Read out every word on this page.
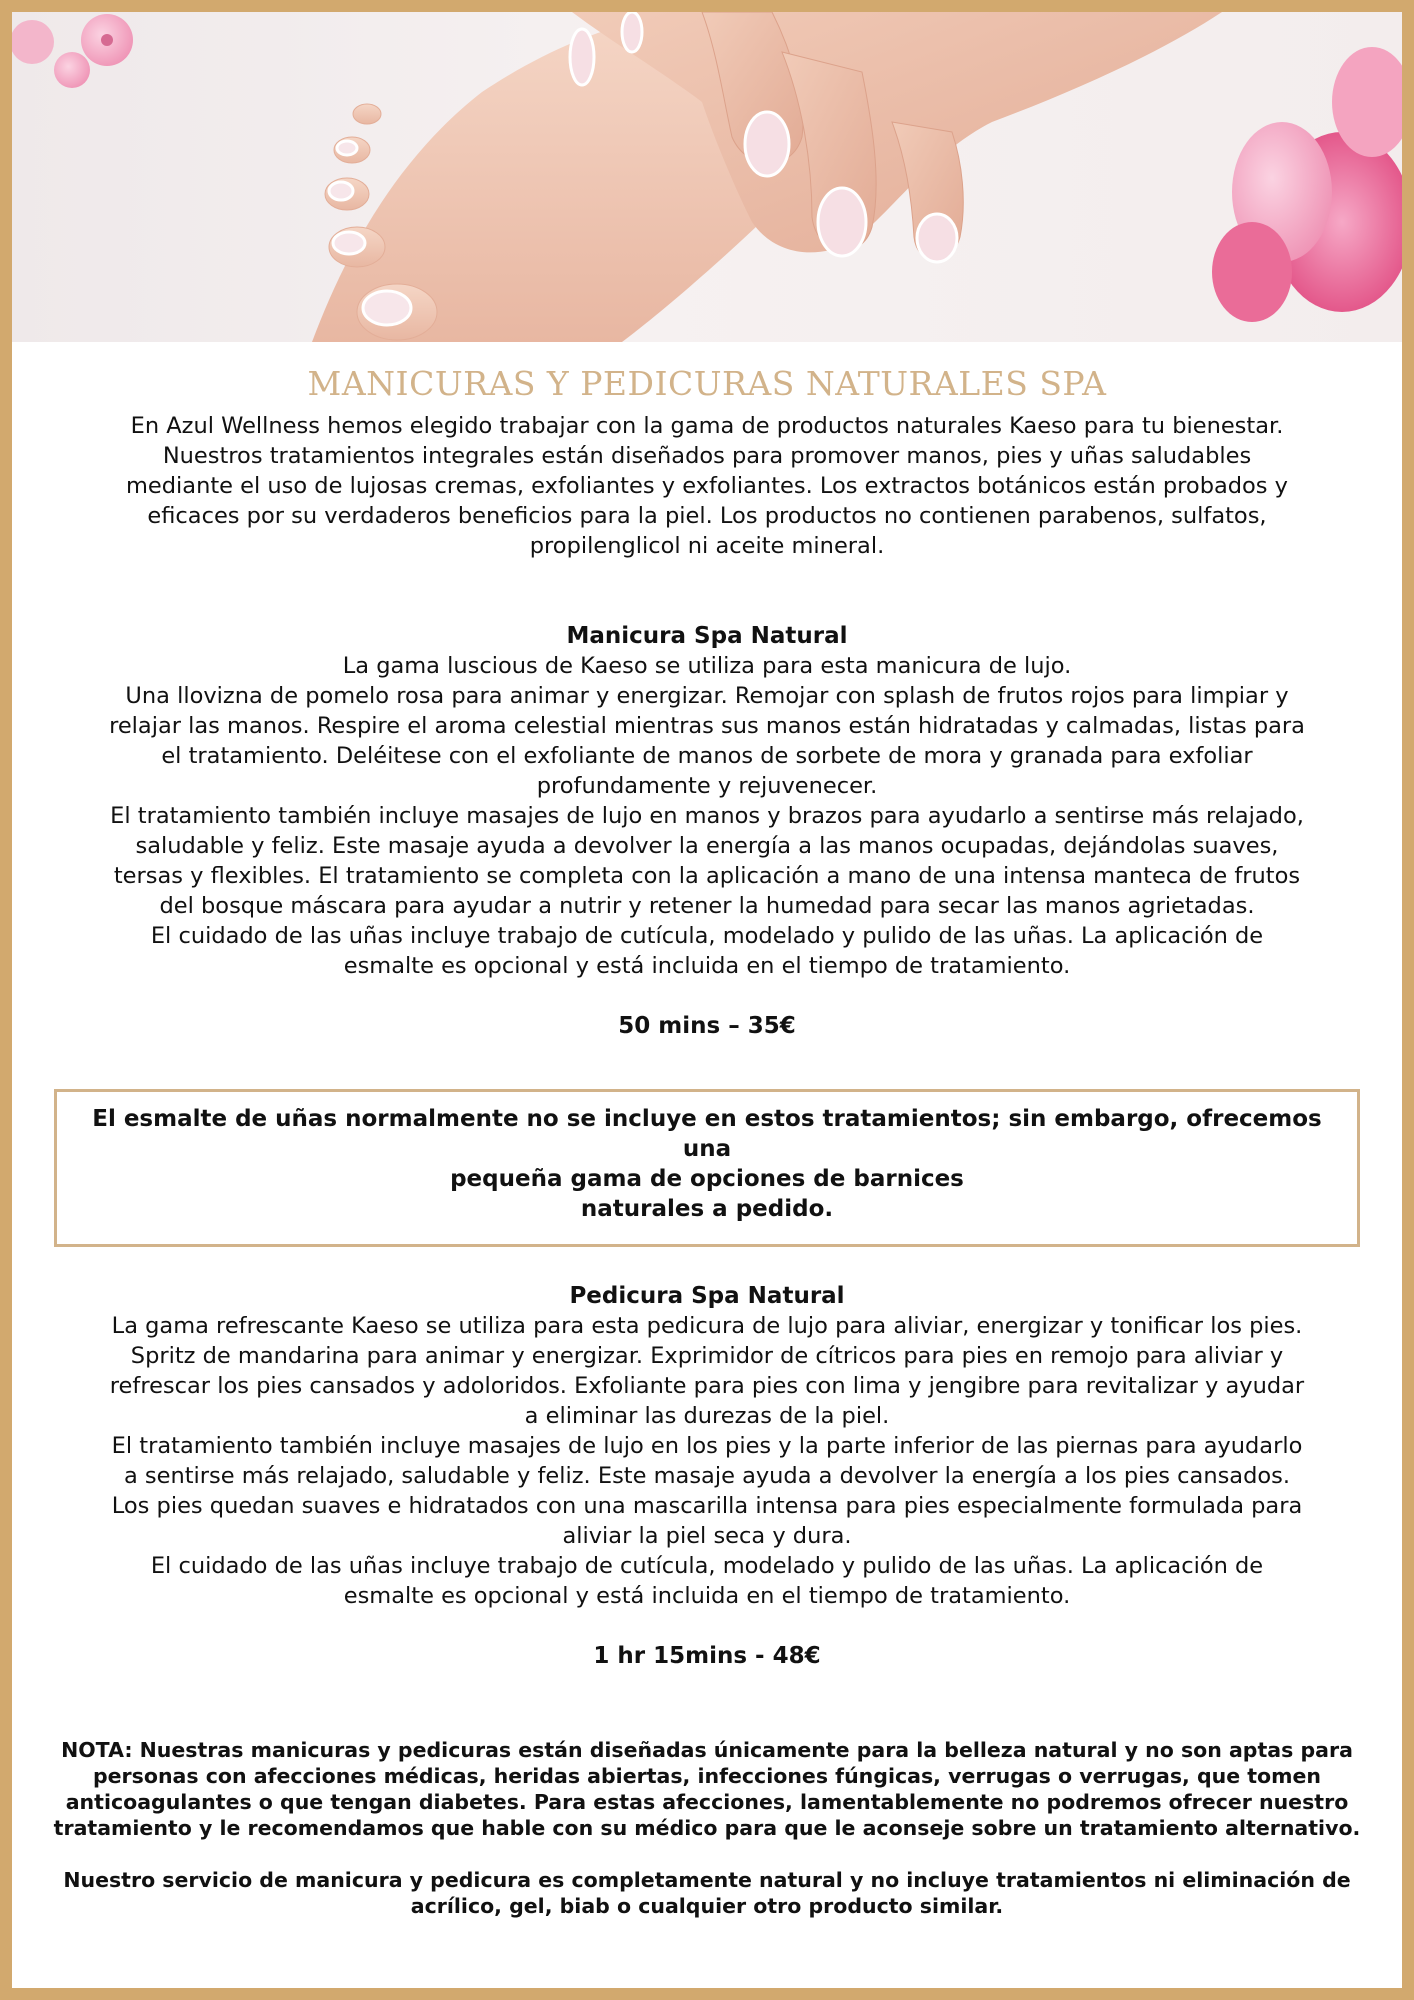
MANICURAS Y PEDICURAS NATURALES SPA

En Azul Wellness hemos elegido trabajar con la gama de productos naturales Kaeso para tu bienestar.
Nuestros tratamientos integrales están diseñados para promover manos, pies y uñas saludables
mediante el uso de lujosas cremas, exfoliantes y exfoliantes. Los extractos botánicos están probados y
eficaces por su verdaderos beneficios para la piel. Los productos no contienen parabenos, sulfatos,
propilenglicol ni aceite mineral.

Manicura Spa Natural

La gama luscious de Kaeso se utiliza para esta manicura de lujo.
Una llovizna de pomelo rosa para animar y energizar. Remojar con splash de frutos rojos para limpiar y
relajar las manos. Respire el aroma celestial mientras sus manos están hidratadas y calmadas, listas para
el tratamiento. Deléitese con el exfoliante de manos de sorbete de mora y granada para exfoliar
profundamente y rejuvenecer.
El tratamiento también incluye masajes de lujo en manos y brazos para ayudarlo a sentirse más relajado,
saludable y feliz. Este masaje ayuda a devolver la energía a las manos ocupadas, dejándolas suaves,
tersas y flexibles. El tratamiento se completa con la aplicación a mano de una intensa manteca de frutos
del bosque máscara para ayudar a nutrir y retener la humedad para secar las manos agrietadas.
El cuidado de las uñas incluye trabajo de cutícula, modelado y pulido de las uñas. La aplicación de
esmalte es opcional y está incluida en el tiempo de tratamiento.

50 mins – 35€

El esmalte de uñas normalmente no se incluye en estos tratamientos; sin embargo, ofrecemos una
pequeña gama de opciones de barnices
naturales a pedido.
Pedicura Spa Natural

La gama refrescante Kaeso se utiliza para esta pedicura de lujo para aliviar, energizar y tonificar los pies.
Spritz de mandarina para animar y energizar. Exprimidor de cítricos para pies en remojo para aliviar y
refrescar los pies cansados y adoloridos. Exfoliante para pies con lima y jengibre para revitalizar y ayudar
a eliminar las durezas de la piel.
El tratamiento también incluye masajes de lujo en los pies y la parte inferior de las piernas para ayudarlo
a sentirse más relajado, saludable y feliz. Este masaje ayuda a devolver la energía a los pies cansados.
Los pies quedan suaves e hidratados con una mascarilla intensa para pies especialmente formulada para
aliviar la piel seca y dura.
El cuidado de las uñas incluye trabajo de cutícula, modelado y pulido de las uñas. La aplicación de
esmalte es opcional y está incluida en el tiempo de tratamiento.

1 hr 15mins - 48€

NOTA: Nuestras manicuras y pedicuras están diseñadas únicamente para la belleza natural y no son aptas para
personas con afecciones médicas, heridas abiertas, infecciones fúngicas, verrugas o verrugas, que tomen
anticoagulantes o que tengan diabetes. Para estas afecciones, lamentablemente no podremos ofrecer nuestro
tratamiento y le recomendamos que hable con su médico para que le aconseje sobre un tratamiento alternativo.

Nuestro servicio de manicura y pedicura es completamente natural y no incluye tratamientos ni eliminación de
acrílico, gel, biab o cualquier otro producto similar.
